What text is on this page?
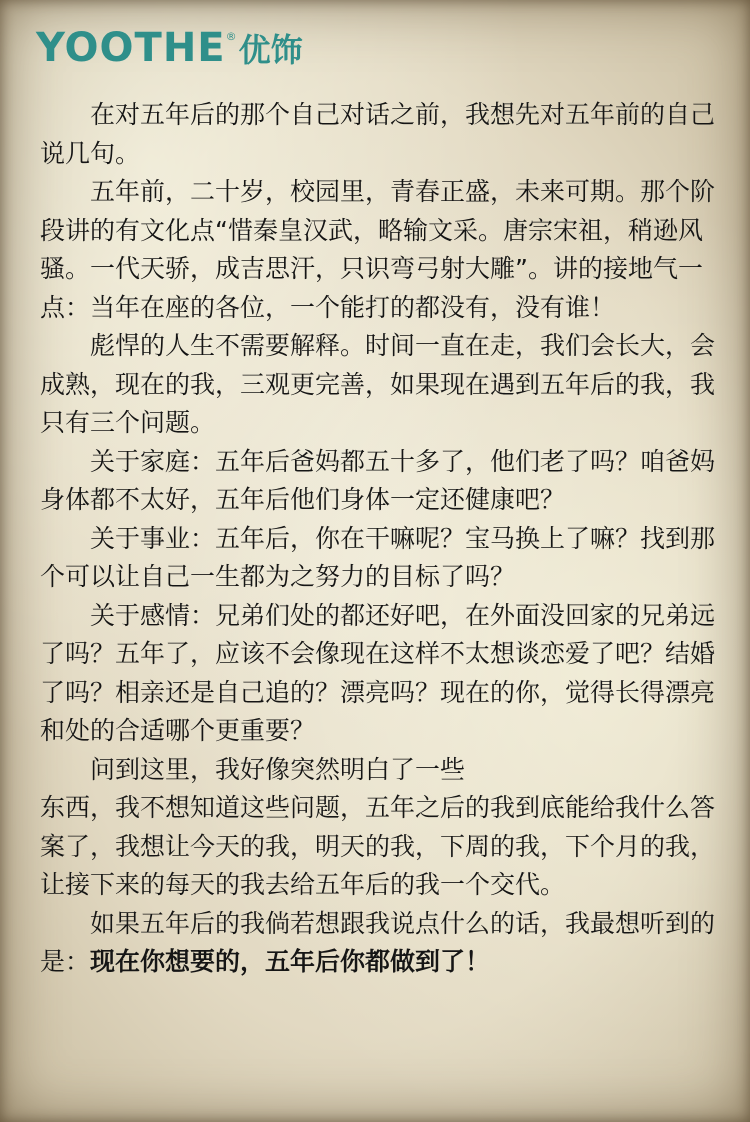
YOOTHE ® 优饰

在对五年后的那个自己对话之前，我想先对五年前的自己说几句。

五年前，二十岁，校园里，青春正盛，未来可期。那个阶段讲的有文化点“惜秦皇汉武，略输文采。唐宗宋祖，稍逊风骚。一代天骄，成吉思汗，只识弯弓射大雕”。讲的接地气一点：当年在座的各位，一个能打的都没有，没有谁！

彪悍的人生不需要解释。时间一直在走，我们会长大，会成熟，现在的我，三观更完善，如果现在遇到五年后的我，我只有三个问题。

关于家庭：五年后爸妈都五十多了，他们老了吗？咱爸妈身体都不太好，五年后他们身体一定还健康吧？

关于事业：五年后，你在干嘛呢？宝马换上了嘛？找到那个可以让自己一生都为之努力的目标了吗？

关于感情：兄弟们处的都还好吧，在外面没回家的兄弟远了吗？五年了，应该不会像现在这样不太想谈恋爱了吧？结婚了吗？相亲还是自己追的？漂亮吗？现在的你，觉得长得漂亮和处的合适哪个更重要？

问到这里，我好像突然明白了一些
东西，我不想知道这些问题，五年之后的我到底能给我什么答案了，我想让今天的我，明天的我，下周的我，下个月的我，让接下来的每天的我去给五年后的我一个交代。

如果五年后的我倘若想跟我说点什么的话，我最想听到的是：现在你想要的，五年后你都做到了！
